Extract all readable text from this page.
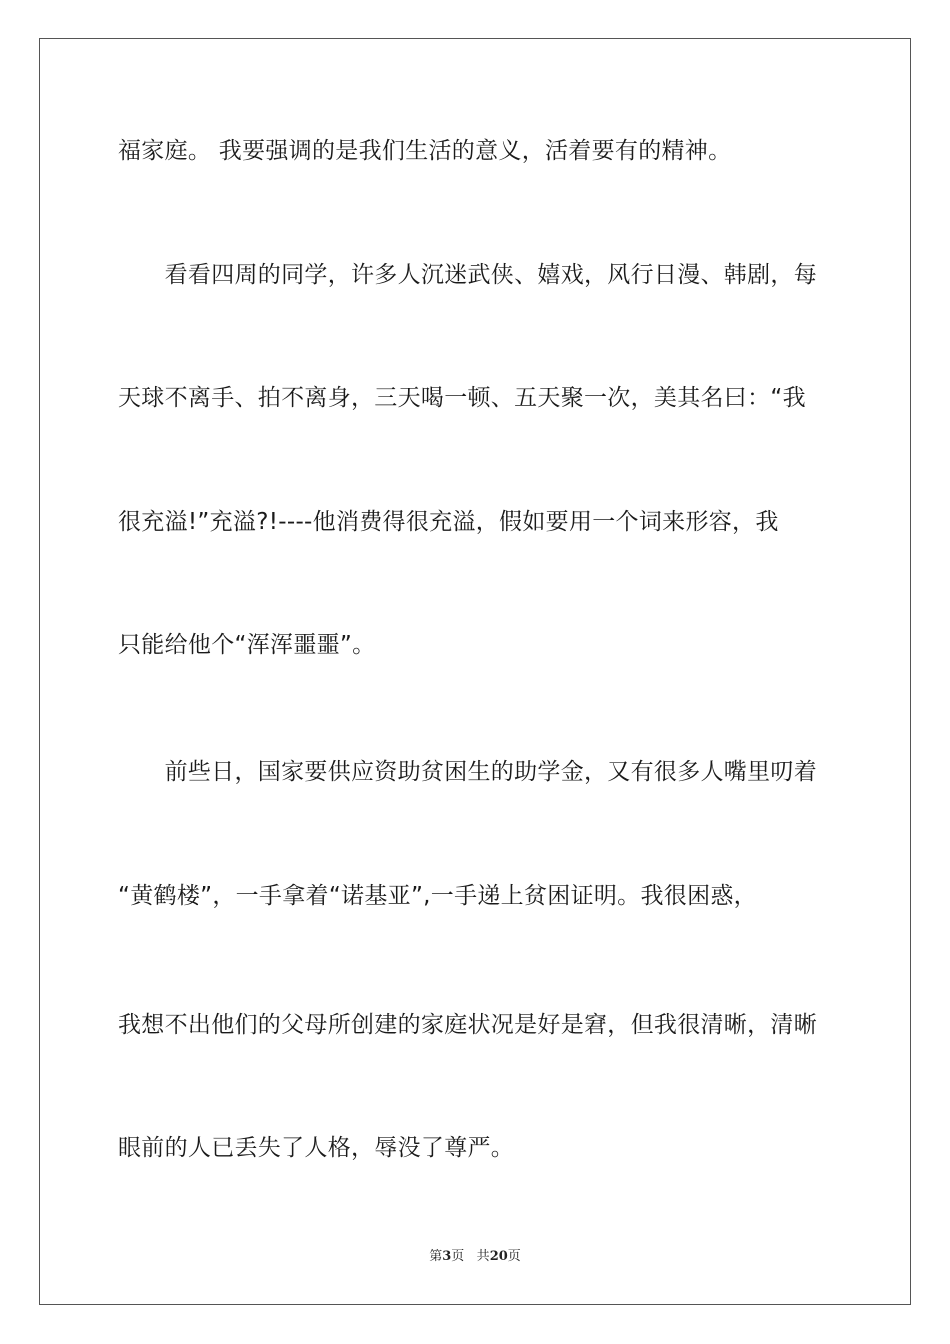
福家庭。 我要强调的是我们生活的意义，活着要有的精神。
　　看看四周的同学，许多人沉迷武侠、嬉戏，风行日漫、韩剧，每
天球不离手、拍不离身，三天喝一顿、五天聚一次，美其名曰：“我
很充溢!”充溢?!----他消费得很充溢，假如要用一个词来形容，我
只能给他个“浑浑噩噩”。
　　前些日，国家要供应资助贫困生的助学金，又有很多人嘴里叨着
“黄鹤楼”，一手拿着“诺基亚”,一手递上贫困证明。我很困惑，
我想不出他们的父母所创建的家庭状况是好是窘，但我很清晰，清晰
眼前的人已丢失了人格，辱没了尊严。
第3页 共20页
